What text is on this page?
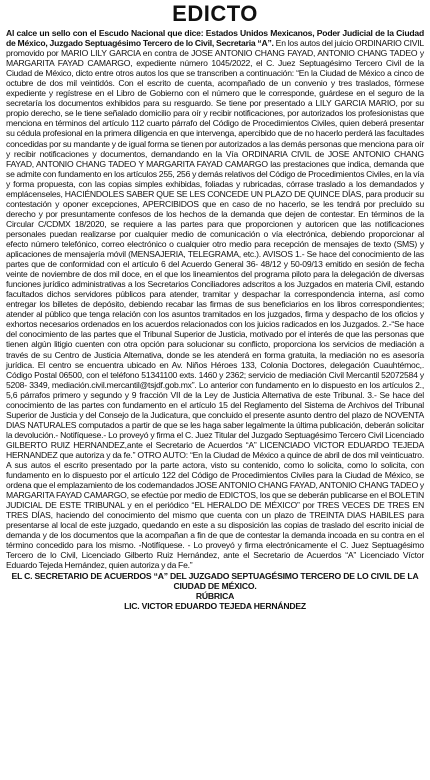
EDICTO

Al calce un sello con el Escudo Nacional que dice: Estados Unidos Mexicanos, Poder Judicial de la Ciudad de México, Juzgado Septuagésimo Tercero de lo Civil, Secretaria “A”. En los autos del juicio ORDINARIO CIVIL promovido por MARIO LILY GARCIA en contra de JOSE ANTONIO CHANG FAYAD, ANTONIO CHANG TADEO y MARGARITA FAYAD CAMARGO, expediente número 1045/2022, el C. Juez Septuagésimo Tercero Civil de la Ciudad de México, dicto entre otros autos los que se transcriben a continuación: “En la Ciudad de México a cinco de octubre de dos mil veintidós. Con el escrito de cuenta, acompañado de un convenio y tres traslados, fórmese expediente y regístrese en el Libro de Gobierno con el número que le corresponde, guárdese en el seguro de la secretaría los documentos exhibidos para su resguardo. Se tiene por presentado a LILY GARCIA MARIO, por su propio derecho, se le tiene señalado domicilio para oír y recibir notificaciones, por autorizados los profesionistas que menciona en términos del artículo 112 cuarto párrafo del Código de Procedimientos Civiles, quien deberá presentar su cédula profesional en la primera diligencia en que intervenga, apercibido que de no hacerlo perderá las facultades concedidas por su mandante y de igual forma se tienen por autorizados a las demás personas que menciona para oír y recibir notificaciones y documentos, demandando en la Vía ORDINARIA CIVIL de JOSE ANTONIO CHANG FAYAD, ANTONIO CHANG TADEO Y MARGARITA FAYAD CAMARGO las prestaciones que indica, demanda que se admite con fundamento en los artículos 255, 256 y demás relativos del Código de Procedimientos Civiles, en la vía y forma propuesta, con las copias simples exhibidas, foliadas y rubricadas, córrase traslado a los demandados y emplácenseles, HACIÉNDOLES SABER QUE SE LES CONCEDE UN PLAZO DE QUINCE DÍAS, para producir su contestación y oponer excepciones, APERCIBIDOS que en caso de no hacerlo, se les tendrá por precluido su derecho y por presuntamente confesos de los hechos de la demanda que dejen de contestar. En términos de la Circular C/CDMX 18/2020, se requiere a las partes para que proporcionen y autoricen que las notificaciones personales puedan realizarse por cualquier medio de comunicación o vía electrónica, debiendo proporcionar al efecto número telefónico, correo electrónico o cualquier otro medio para recepción de mensajes de texto (SMS) y aplicaciones de mensajería móvil (MENSAJERIA, TELEGRAMA, etc.). AVISOS 1.- Se hace del conocimiento de las partes que de conformidad con el artículo 6 del Acuerdo General 36- 48/12 y 50-09/13 emitido en sesión de fecha veinte de noviembre de dos mil doce, en el que los lineamientos del programa piloto para la delegación de diversas funciones jurídico administrativas a los Secretarios Conciliadores adscritos a los Juzgados en materia Civil, estando facultados dichos servidores públicos para atender, tramitar y despachar la correspondencia interna, así como entregar los billetes de depósito, debiendo recabar las firmas de sus beneficiarios en los libros correspondientes; atender al público que tenga relación con los asuntos tramitados en los juzgados, firma y despacho de los oficios y exhortos necesarios ordenados en los acuerdos relacionados con los juicios radicados en los Juzgados. 2.-“Se hace del conocimiento de las partes que el Tribunal Superior de Justicia, motivado por el interés de que las personas que tienen algún litigio cuenten con otra opción para solucionar su conflicto, proporciona los servicios de mediación a través de su Centro de Justicia Alternativa, donde se les atenderá en forma gratuita, la mediación no es asesoría jurídica. El centro se encuentra ubicado en Av. Niños Héroes 133, Colonia Doctores, delegación Cuauhtémoc,. Código Postal 06500, con el teléfono 51341100 exts. 1460 y 2362; servicio de mediación Civil Mercantil 52072584 y 5208- 3349, mediación.civil.mercantil@tsjdf.gob.mx”. Lo anterior con fundamento en lo dispuesto en los artículos 2., 5,6 párrafos primero y segundo y 9 fracción VII de la Ley de Justicia Alternativa de este Tribunal. 3.- Se hace del conocimiento de las partes con fundamento en el artículo 15 del Reglamento del Sistema de Archivos del Tribunal Superior de Justicia y del Consejo de la Judicatura, que concluido el presente asunto dentro del plazo de NOVENTA DIAS NATURALES computados a partir de que se les haga saber legalmente la última publicación, deberán solicitar la devolución.- Notifíquese.- Lo proveyó y firma el C. Juez Titular del Juzgado Septuagésimo Tercero Civil Licenciado GILBERTO RUIZ HERNANDEZ,ante el Secretario de Acuerdos “A” LICENCIADO VICTOR EDUARDO TEJEDA HERNANDEZ que autoriza y da fe.” OTRO AUTO: “En la Ciudad de México a quince de abril de dos mil veinticuatro. A sus autos el escrito presentado por la parte actora, visto su contenido, como lo solicita, como lo solicita, con fundamento en lo dispuesto por el artículo 122 del Código de Procedimientos Civiles para la Ciudad de México, se ordena que el emplazamiento de los codemandados JOSE ANTONIO CHANG FAYAD, ANTONIO CHANG TADEO y MARGARITA FAYAD CAMARGO, se efectúe por medio de EDICTOS, los que se deberán publicarse en el BOLETIN JUDICIAL DE ESTE TRIBUNAL y en el periódico “EL HERALDO DE MÉXICO” por TRES VECES DE TRES EN TRES DÍAS, haciendo del conocimiento del mismo que cuenta con un plazo de TREINTA DIAS HABILES para presentarse al local de este juzgado, quedando en este a su disposición las copias de traslado del escrito inicial de demanda y de los documentos que la acompañan a fin de que de contestar la demanda incoada en su contra en el término concedido para los mismo. -Notifíquese. - Lo proveyó y firma electrónicamente el C. Juez Septuagésimo Tercero de lo Civil, Licenciado Gilberto Ruiz Hernández, ante el Secretario de Acuerdos “A” Licenciado Víctor Eduardo Tejeda Hernández, quien autoriza y da Fe.”

EL C. SECRETARIO DE ACUERDOS “A” DEL JUZGADO SEPTUAGÉSIMO TERCERO DE LO CIVIL DE LA CIUDAD DE MÉXICO.
RÚBRICA
LIC. VICTOR EDUARDO TEJEDA HERNÁNDEZ
